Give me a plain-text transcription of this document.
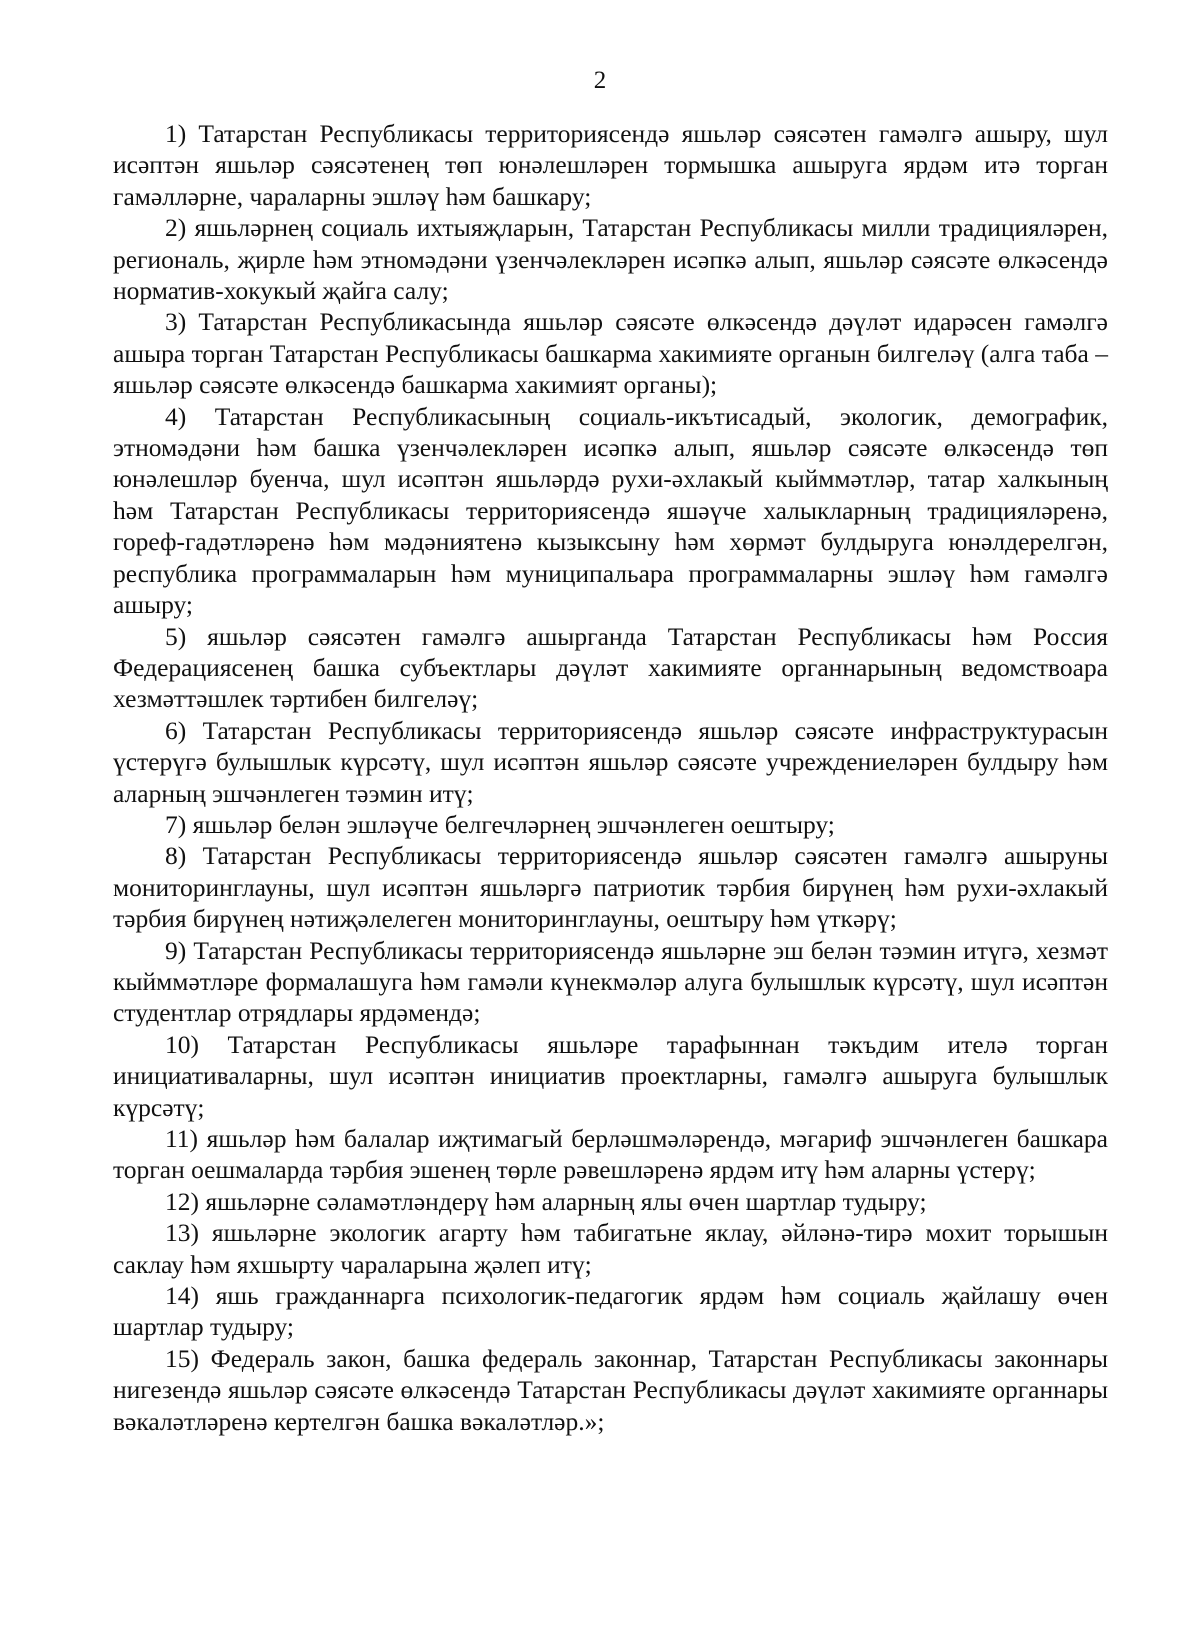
2

1) Татарстан Республикасы территориясендә яшьләр сәясәтен гамәлгә ашыру, шул исәптән яшьләр сәясәтенең төп юнәлешләрен тормышка ашыруга ярдәм итә торган гамәлләрне, чараларны эшләү һәм башкару;

2) яшьләрнең социаль ихтыяҗларын, Татарстан Республикасы милли традицияләрен, региональ, җирле һәм этномәдәни үзенчәлекләрен исәпкә алып, яшьләр сәясәте өлкәсендә норматив-хокукый җайга салу;

3) Татарстан Республикасында яшьләр сәясәте өлкәсендә дәүләт идарәсен гамәлгә ашыра торган Татарстан Республикасы башкарма хакимияте органын билгеләү (алга таба – яшьләр сәясәте өлкәсендә башкарма хакимият органы);

4) Татарстан Республикасының социаль-икътисадый, экологик, демографик, этномәдәни һәм башка үзенчәлекләрен исәпкә алып, яшьләр сәясәте өлкәсендә төп юнәлешләр буенча, шул исәптән яшьләрдә рухи-әхлакый кыйммәтләр, татар халкының һәм Татарстан Республикасы территориясендә яшәүче халыкларның традицияләренә, гореф-гадәтләренә һәм мәдәниятенә кызыксыну һәм хөрмәт булдыруга юнәлдерелгән, республика программаларын һәм муниципальара программаларны эшләү һәм гамәлгә ашыру;

5) яшьләр сәясәтен гамәлгә ашырганда Татарстан Республикасы һәм Россия Федерациясенең башка субъектлары дәүләт хакимияте органнарының ведомствоара хезмәттәшлек тәртибен билгеләү;

6) Татарстан Республикасы территориясендә яшьләр сәясәте инфраструктурасын үстерүгә булышлык күрсәтү, шул исәптән яшьләр сәясәте учреждениеләрен булдыру һәм аларның эшчәнлеген тәэмин итү;

7) яшьләр белән эшләүче белгечләрнең эшчәнлеген оештыру;

8) Татарстан Республикасы территориясендә яшьләр сәясәтен гамәлгә ашыруны мониторинглауны, шул исәптән яшьләргә патриотик тәрбия бирүнең һәм рухи-әхлакый тәрбия бирүнең нәтиҗәлелеген мониторинглауны, оештыру һәм үткәрү;

9) Татарстан Республикасы территориясендә яшьләрне эш белән тәэмин итүгә, хезмәт кыйммәтләре формалашуга һәм гамәли күнекмәләр алуга булышлык күрсәтү, шул исәптән студентлар отрядлары ярдәмендә;

10) Татарстан Республикасы яшьләре тарафыннан тәкъдим ителә торган инициативаларны, шул исәптән инициатив проектларны, гамәлгә ашыруга булышлык күрсәтү;

11) яшьләр һәм балалар иҗтимагый берләшмәләрендә, мәгариф эшчәнлеген башкара торган оешмаларда тәрбия эшенең төрле рәвешләренә ярдәм итү һәм аларны үстерү;

12) яшьләрне сәламәтләндерү һәм аларның ялы өчен шартлар тудыру;

13) яшьләрне экологик агарту һәм табигатьне яклау, әйләнә-тирә мохит торышын саклау һәм яхшырту чараларына җәлеп итү;

14) яшь гражданнарга психологик-педагогик ярдәм һәм социаль җайлашу өчен шартлар тудыру;

15) Федераль закон, башка федераль законнар, Татарстан Республикасы законнары нигезендә яшьләр сәясәте өлкәсендә Татарстан Республикасы дәүләт хакимияте органнары вәкаләтләренә кертелгән башка вәкаләтләр.»;
